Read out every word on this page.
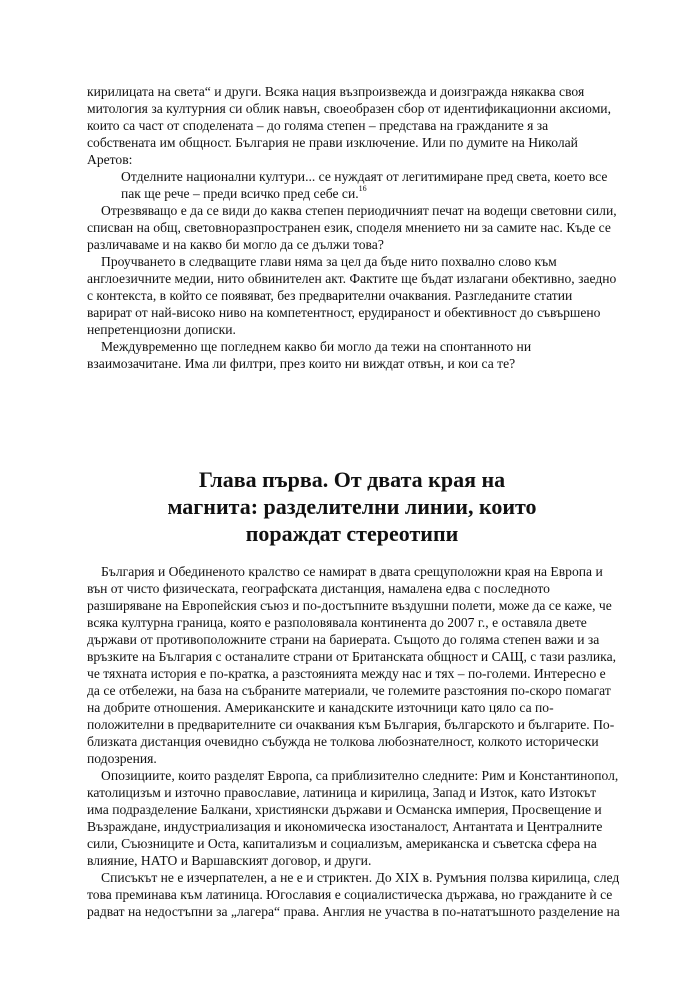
кирилицата на света“ и други. Всяка нация възпроизвежда и доизгражда някаква своя
митология за културния си облик навън, своеобразен сбор от идентификационни аксиоми,
които са част от споделената – до голяма степен – представа на гражданите я за
собствената им общност. България не прави изключение. Или по думите на Николай
Аретов:
Отделните национални култури... се нуждаят от легитимиране пред света, което все
пак ще рече – преди всичко пред себе си.$^{16}$
Отрезвяващо е да се види до каква степен периодичният печат на водещи световни сили,
списван на общ, световноразпространен език, споделя мнението ни за самите нас. Къде се
различаваме и на какво би могло да се дължи това?
Проучването в следващите глави няма за цел да бъде нито похвално слово към
англоезичните медии, нито обвинителен акт. Фактите ще бъдат излагани обективно, заедно
с контекста, в който се появяват, без предварителни очаквания. Разгледаните статии
варират от най-високо ниво на компетентност, ерудираност и обективност до съвършено
непретенциозни дописки.
Междувременно ще погледнем какво би могло да тежи на спонтанното ни
взаимозачитане. Има ли филтри, през които ни виждат отвън, и кои са те?
Глава първа. От двата края на
магнита: разделителни линии, които
пораждат стереотипи
България и Обединеното кралство се намират в двата срещуположни края на Европа и
вън от чисто физическата, географската дистанция, намалена едва с последното
разширяване на Европейския съюз и по-достъпните въздушни полети, може да се каже, че
всяка културна граница, която е разполовявала континента до 2007 г., е оставяла двете
държави от противоположните страни на бариерата. Същото до голяма степен важи и за
връзките на България с останалите страни от Британската общност и САЩ, с тази разлика,
че тяхната история е по-кратка, а разстоянията между нас и тях – по-големи. Интересно е
да се отбележи, на база на събраните материали, че големите разстояния по-скоро помагат
на добрите отношения. Американските и канадските източници като цяло са по-
положителни в предварителните си очаквания към България, българското и българите. По-
близката дистанция очевидно събужда не толкова любознателност, колкото исторически
подозрения.
Опозициите, които разделят Европа, са приблизително следните: Рим и Константинопол,
католицизъм и източно православие, латиница и кирилица, Запад и Изток, като Изтокът
има подразделение Балкани, християнски държави и Османска империя, Просвещение и
Възраждане, индустриализация и икономическа изостаналост, Антантата и Централните
сили, Съюзниците и Оста, капитализъм и социализъм, американска и съветска сфера на
влияние, НАТО и Варшавският договор, и други.
Списъкът не е изчерпателен, а не е и стриктен. До XIX в. Румъния ползва кирилица, след
това преминава към латиница. Югославия е социалистическа държава, но гражданите ѝ се
радват на недостъпни за „лагера“ права. Англия не участва в по-нататъшното разделение на
